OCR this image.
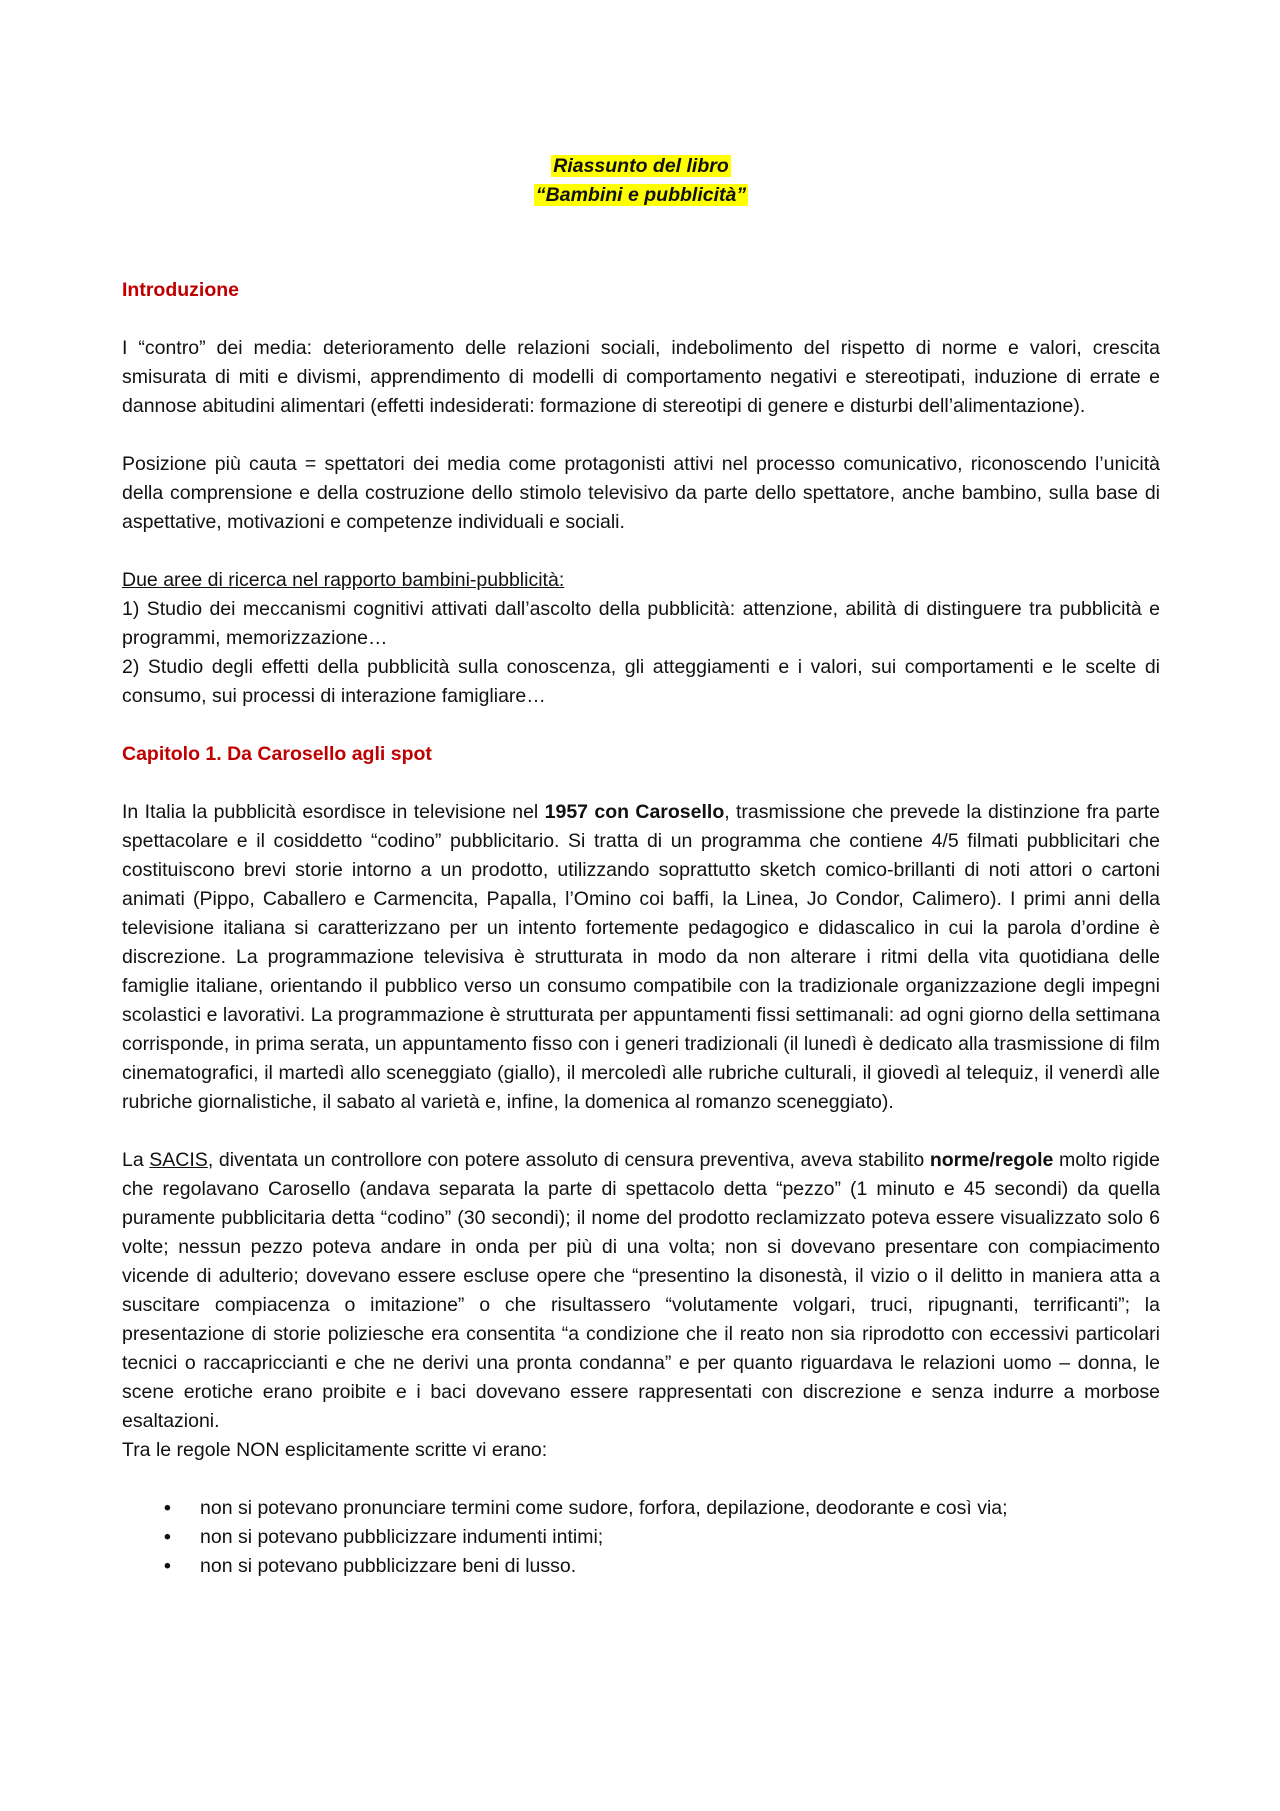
Riassunto del libro
“Bambini e pubblicità”

Introduzione

I “contro” dei media: deterioramento delle relazioni sociali, indebolimento del rispetto di norme e valori, crescita smisurata di miti e divismi, apprendimento di modelli di comportamento negativi e stereotipati, induzione di errate e dannose abitudini alimentari (effetti indesiderati: formazione di stereotipi di genere e disturbi dell’alimentazione).

Posizione più cauta = spettatori dei media come protagonisti attivi nel processo comunicativo, riconoscendo l’unicità della comprensione e della costruzione dello stimolo televisivo da parte dello spettatore, anche bambino, sulla base di aspettative, motivazioni e competenze individuali e sociali.

Due aree di ricerca nel rapporto bambini-pubblicità:

1) Studio dei meccanismi cognitivi attivati dall’ascolto della pubblicità: attenzione, abilità di distinguere tra pubblicità e programmi, memorizzazione…

2) Studio degli effetti della pubblicità sulla conoscenza, gli atteggiamenti e i valori, sui comportamenti e le scelte di consumo, sui processi di interazione famigliare…

Capitolo 1. Da Carosello agli spot

In Italia la pubblicità esordisce in televisione nel 1957 con Carosello, trasmissione che prevede la distinzione fra parte spettacolare e il cosiddetto “codino” pubblicitario. Si tratta di un programma che contiene 4/5 filmati pubblicitari che costituiscono brevi storie intorno a un prodotto, utilizzando soprattutto sketch comico-brillanti di noti attori o cartoni animati (Pippo, Caballero e Carmencita, Papalla, l’Omino coi baffi, la Linea, Jo Condor, Calimero). I primi anni della televisione italiana si caratterizzano per un intento fortemente pedagogico e didascalico in cui la parola d’ordine è discrezione. La programmazione televisiva è strutturata in modo da non alterare i ritmi della vita quotidiana delle famiglie italiane, orientando il pubblico verso un consumo compatibile con la tradizionale organizzazione degli impegni scolastici e lavorativi. La programmazione è strutturata per appuntamenti fissi settimanali: ad ogni giorno della settimana corrisponde, in prima serata, un appuntamento fisso con i generi tradizionali (il lunedì è dedicato alla trasmissione di film cinematografici, il martedì allo sceneggiato (giallo), il mercoledì alle rubriche culturali, il giovedì al telequiz, il venerdì alle rubriche giornalistiche, il sabato al varietà e, infine, la domenica al romanzo sceneggiato).

La SACIS, diventata un controllore con potere assoluto di censura preventiva, aveva stabilito norme/regole molto rigide che regolavano Carosello (andava separata la parte di spettacolo detta “pezzo” (1 minuto e 45 secondi) da quella puramente pubblicitaria detta “codino” (30 secondi); il nome del prodotto reclamizzato poteva essere visualizzato solo 6 volte; nessun pezzo poteva andare in onda per più di una volta; non si dovevano presentare con compiacimento vicende di adulterio; dovevano essere escluse opere che “presentino la disonestà, il vizio o il delitto in maniera atta a suscitare compiacenza o imitazione” o che risultassero “volutamente volgari, truci, ripugnanti, terrificanti”; la presentazione di storie poliziesche era consentita “a condizione che il reato non sia riprodotto con eccessivi particolari tecnici o raccapriccianti e che ne derivi una pronta condanna” e per quanto riguardava le relazioni uomo – donna, le scene erotiche erano proibite e i baci dovevano essere rappresentati con discrezione e senza indurre a morbose esaltazioni.

Tra le regole NON esplicitamente scritte vi erano:

• non si potevano pronunciare termini come sudore, forfora, depilazione, deodorante e così via;
• non si potevano pubblicizzare indumenti intimi;
• non si potevano pubblicizzare beni di lusso.
